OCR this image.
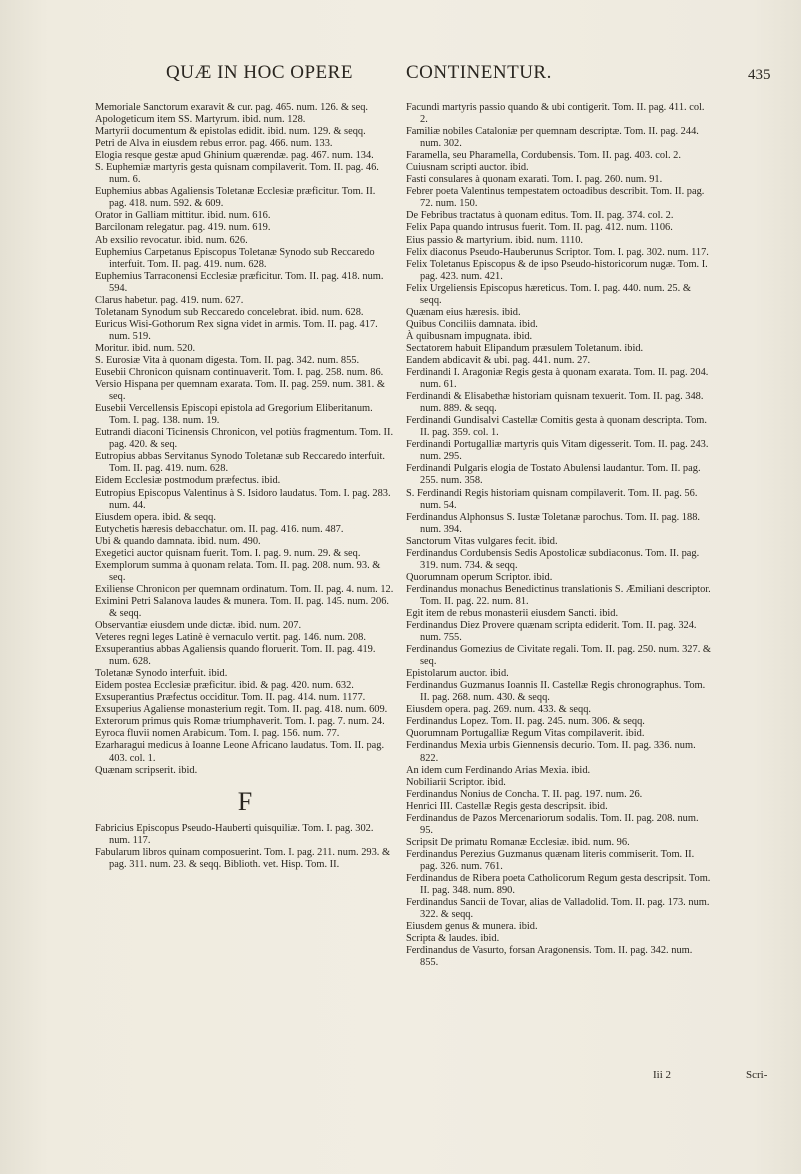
QUÆ IN HOC OPERE	CONTINENTUR.	435
Memoriale Sanctorum exaravit & cur. pag. 465. num. 126. & seq.
Apologeticum item SS. Martyrum. ibid. num. 128.
Martyrii documentum & epistolas edidit. ibid. num. 129. & seqq.
Petri de Alva in eiusdem rebus error. pag. 466. num. 133.
Elogia resque gestæ apud Ghinium quærendæ. pag. 467. num. 134.
S. Euphemiæ martyris gesta quisnam compilaverit. Tom. II. pag. 46. num. 6.
Euphemius abbas Agaliensis Toletanæ Ecclesiæ præficitur. Tom. II. pag. 418. num. 592. & 609.
Orator in Galliam mittitur. ibid. num. 616.
Barcilonam relegatur. pag. 419. num. 619.
Ab exsilio revocatur. ibid. num. 626.
Euphemius Carpetanus Episcopus Toletanæ Synodo sub Reccaredo interfuit. Tom. II. pag. 419. num. 628.
Euphemius Tarraconensi Ecclesiæ præficitur. Tom. II. pag. 418. num. 594.
Clarus habetur. pag. 419. num. 627.
Toletanam Synodum sub Reccaredo concelebrat. ibid. num. 628.
Euricus Wisi-Gothorum Rex signa videt in armis. Tom. II. pag. 417. num. 519.
Moritur. ibid. num. 520.
S. Eurosiæ Vita à quonam digesta. Tom. II. pag. 342. num. 855.
Eusebii Chronicon quisnam continuaverit. Tom. I. pag. 258. num. 86.
Versio Hispana per quemnam exarata. Tom. II. pag. 259. num. 381. & seq.
Eusebii Vercellensis Episcopi epistola ad Gregorium Eliberitanum. Tom. I. pag. 138. num. 19.
Eutrandi diaconi Ticinensis Chronicon, vel potiùs fragmentum. Tom. II. pag. 420. & seq.
Eutropius abbas Servitanus Synodo Toletanæ sub Reccaredo interfuit. Tom. II. pag. 419. num. 628.
Eidem Ecclesiæ postmodum præfectus. ibid.
Eutropius Episcopus Valentinus à S. Isidoro laudatus. Tom. I. pag. 283. num. 44.
Eiusdem opera. ibid. & seqq.
Eutychetis hæresis debacchatur. om. II. pag. 416. num. 487.
Ubi & quando damnata. ibid. num. 490.
Exegetici auctor quisnam fuerit. Tom. I. pag. 9. num. 29. & seq.
Exemplorum summa à quonam relata. Tom. II. pag. 208. num. 93. & seq.
Exiliense Chronicon per quemnam ordinatum. Tom. II. pag. 4. num. 12.
Eximini Petri Salanova laudes & munera. Tom. II. pag. 145. num. 206. & seqq.
Observantiæ eiusdem unde dictæ. ibid. num. 207.
Veteres regni leges Latinè è vernaculo vertit. pag. 146. num. 208.
Exsuperantius abbas Agaliensis quando floruerit. Tom. II. pag. 419. num. 628.
Toletanæ Synodo interfuit. ibid.
Eidem postea Ecclesiæ præficitur. ibid. & pag. 420. num. 632.
Exsuperantius Præfectus occiditur. Tom. II. pag. 414. num. 1177.
Exsuperius Agaliense monasterium regit. Tom. II. pag. 418. num. 609.
Exterorum primus quis Romæ triumphaverit. Tom. I. pag. 7. num. 24.
Eyroca fluvii nomen Arabicum. Tom. I. pag. 156. num. 77.
Ezarharagui medicus à Ioanne Leone Africano laudatus. Tom. II. pag. 403. col. 1.
Quænam scripserit. ibid.
F
Fabricius Episcopus Pseudo-Hauberti quisquiliæ. Tom. I. pag. 302. num. 117.
Fabularum libros quinam composuerint. Tom. I. pag. 211. num. 293. & pag. 311. num. 23. & seqq. Biblioth. vet. Hisp. Tom. II.
Facundi martyris passio quando & ubi contigerit. Tom. II. pag. 411. col. 2.
Familiæ nobiles Cataloniæ per quemnam descriptæ. Tom. II. pag. 244. num. 302.
Faramella, seu Pharamella, Cordubensis. Tom. II. pag. 403. col. 2.
Cuiusnam scripti auctor. ibid.
Fasti consulares à quonam exarati. Tom. I. pag. 260. num. 91.
Febrer poeta Valentinus tempestatem octoadibus describit. Tom. II. pag. 72. num. 150.
De Febribus tractatus à quonam editus. Tom. II. pag. 374. col. 2.
Felix Papa quando intrusus fuerit. Tom. II. pag. 412. num. 1106.
Eius passio & martyrium. ibid. num. 1110.
Felix diaconus Pseudo-Hauberunus Scriptor. Tom. I. pag. 302. num. 117.
Felix Toletanus Episcopus & de ipso Pseudo-historicorum nugæ. Tom. I. pag. 423. num. 421.
Felix Urgeliensis Episcopus hæreticus. Tom. I. pag. 440. num. 25. & seqq.
Quænam eius hæresis. ibid.
Quibus Conciliis damnata. ibid.
À quibusnam impugnata. ibid.
Sectatorem habuit Elipandum præsulem Toletanum. ibid.
Eandem abdicavit & ubi. pag. 441. num. 27.
Ferdinandi I. Aragoniæ Regis gesta à quonam exarata. Tom. II. pag. 204. num. 61.
Ferdinandi & Elisabethæ historiam quisnam texuerit. Tom. II. pag. 348. num. 889. & seqq.
Ferdinandi Gundisalvi Castellæ Comitis gesta à quonam descripta. Tom. II. pag. 359. col. 1.
Ferdinandi Portugalliæ martyris quis Vitam digesserit. Tom. II. pag. 243. num. 295.
Ferdinandi Pulgaris elogia de Tostato Abulensi laudantur. Tom. II. pag. 255. num. 358.
S. Ferdinandi Regis historiam quisnam compilaverit. Tom. II. pag. 56. num. 54.
Ferdinandus Alphonsus S. Iustæ Toletanæ parochus. Tom. II. pag. 188. num. 394.
Sanctorum Vitas vulgares fecit. ibid.
Ferdinandus Cordubensis Sedis Apostolicæ subdiaconus. Tom. II. pag. 319. num. 734. & seqq.
Quorumnam operum Scriptor. ibid.
Ferdinandus monachus Benedictinus translationis S. Æmiliani descriptor. Tom. II. pag. 22. num. 81.
Egit item de rebus monasterii eiusdem Sancti. ibid.
Ferdinandus Diez Provere quænam scripta ediderit. Tom. II. pag. 324. num. 755.
Ferdinandus Gomezius de Civitate regali. Tom. II. pag. 250. num. 327. & seq.
Epistolarum auctor. ibid.
Ferdinandus Guzmanus Ioannis II. Castellæ Regis chronographus. Tom. II. pag. 268. num. 430. & seqq.
Eiusdem opera. pag. 269. num. 433. & seqq.
Ferdinandus Lopez. Tom. II. pag. 245. num. 306. & seqq.
Quorumnam Portugalliæ Regum Vitas compilaverit. ibid.
Ferdinandus Mexia urbis Giennensis decurio. Tom. II. pag. 336. num. 822.
An idem cum Ferdinando Arias Mexia. ibid.
Nobiliarii Scriptor. ibid.
Ferdinandus Nonius de Concha. T. II. pag. 197. num. 26.
Henrici III. Castellæ Regis gesta descripsit. ibid.
Ferdinandus de Pazos Mercenariorum sodalis. Tom. II. pag. 208. num. 95.
Scripsit De primatu Romanæ Ecclesiæ. ibid. num. 96.
Ferdinandus Perezius Guzmanus quænam literis commiserit. Tom. II. pag. 326. num. 761.
Ferdinandus de Ribera poeta Catholicorum Regum gesta descripsit. Tom. II. pag. 348. num. 890.
Ferdinandus Sancii de Tovar, alias de Valladolid. Tom. II. pag. 173. num. 322. & seqq.
Eiusdem genus & munera. ibid.
Scripta & laudes. ibid.
Ferdinandus de Vasurto, forsan Aragonensis. Tom. II. pag. 342. num. 855.
Iii 2	Scri-
